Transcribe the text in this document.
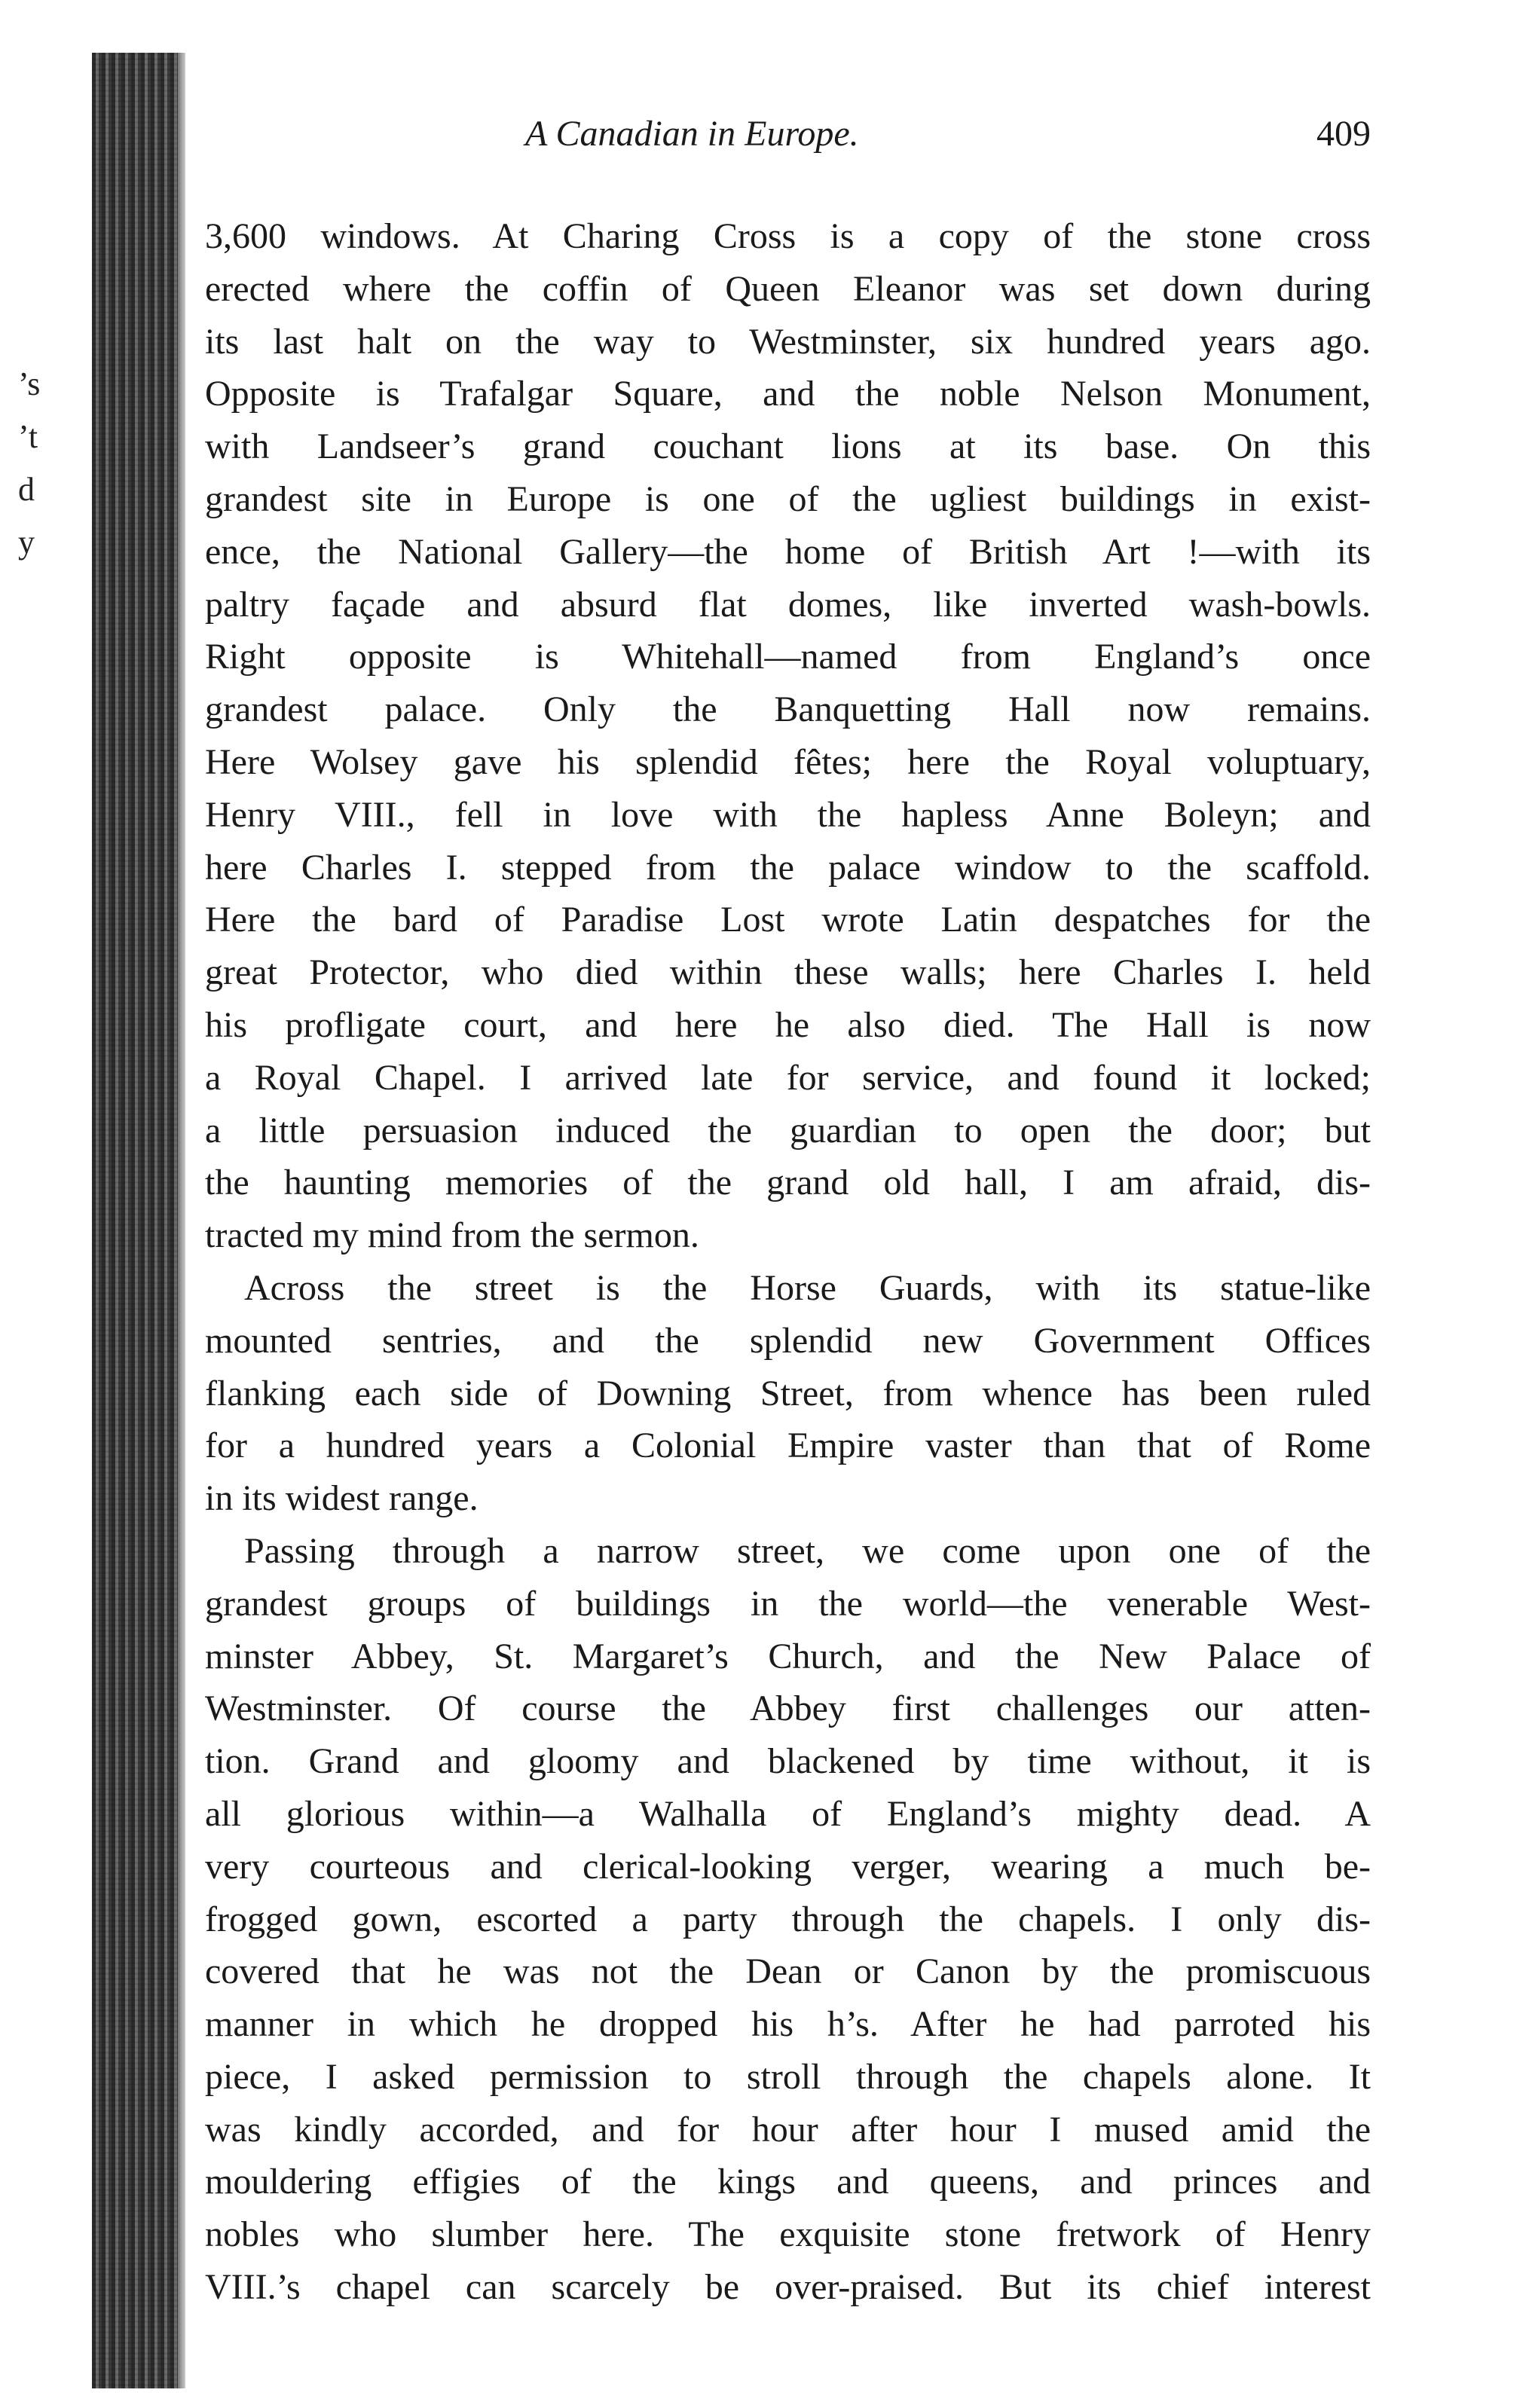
’s
’t
d
y
A Canadian in Europe.	409
3,600 windows. At Charing Cross is a copy of the stone cross
erected where the coffin of Queen Eleanor was set down during
its last halt on the way to Westminster, six hundred years ago.
Opposite is Trafalgar Square, and the noble Nelson Monument,
with Landseer’s grand couchant lions at its base. On this
grandest site in Europe is one of the ugliest buildings in exist-
ence, the National Gallery—the home of British Art !—with its
paltry façade and absurd flat domes, like inverted wash-bowls.
Right opposite is Whitehall—named from England’s once
grandest palace. Only the Banquetting Hall now remains.
Here Wolsey gave his splendid fêtes; here the Royal voluptuary,
Henry VIII., fell in love with the hapless Anne Boleyn; and
here Charles I. stepped from the palace window to the scaffold.
Here the bard of Paradise Lost wrote Latin despatches for the
great Protector, who died within these walls; here Charles I. held
his profligate court, and here he also died. The Hall is now
a Royal Chapel. I arrived late for service, and found it locked;
a little persuasion induced the guardian to open the door; but
the haunting memories of the grand old hall, I am afraid, dis-
tracted my mind from the sermon.
Across the street is the Horse Guards, with its statue-like
mounted sentries, and the splendid new Government Offices
flanking each side of Downing Street, from whence has been ruled
for a hundred years a Colonial Empire vaster than that of Rome
in its widest range.
Passing through a narrow street, we come upon one of the
grandest groups of buildings in the world—the venerable West-
minster Abbey, St. Margaret’s Church, and the New Palace of
Westminster. Of course the Abbey first challenges our atten-
tion. Grand and gloomy and blackened by time without, it is
all glorious within—a Walhalla of England’s mighty dead. A
very courteous and clerical-looking verger, wearing a much be-
frogged gown, escorted a party through the chapels. I only dis-
covered that he was not the Dean or Canon by the promiscuous
manner in which he dropped his h’s. After he had parroted his
piece, I asked permission to stroll through the chapels alone. It
was kindly accorded, and for hour after hour I mused amid the
mouldering effigies of the kings and queens, and princes and
nobles who slumber here. The exquisite stone fretwork of Henry
VIII.’s chapel can scarcely be over-praised. But its chief interest
